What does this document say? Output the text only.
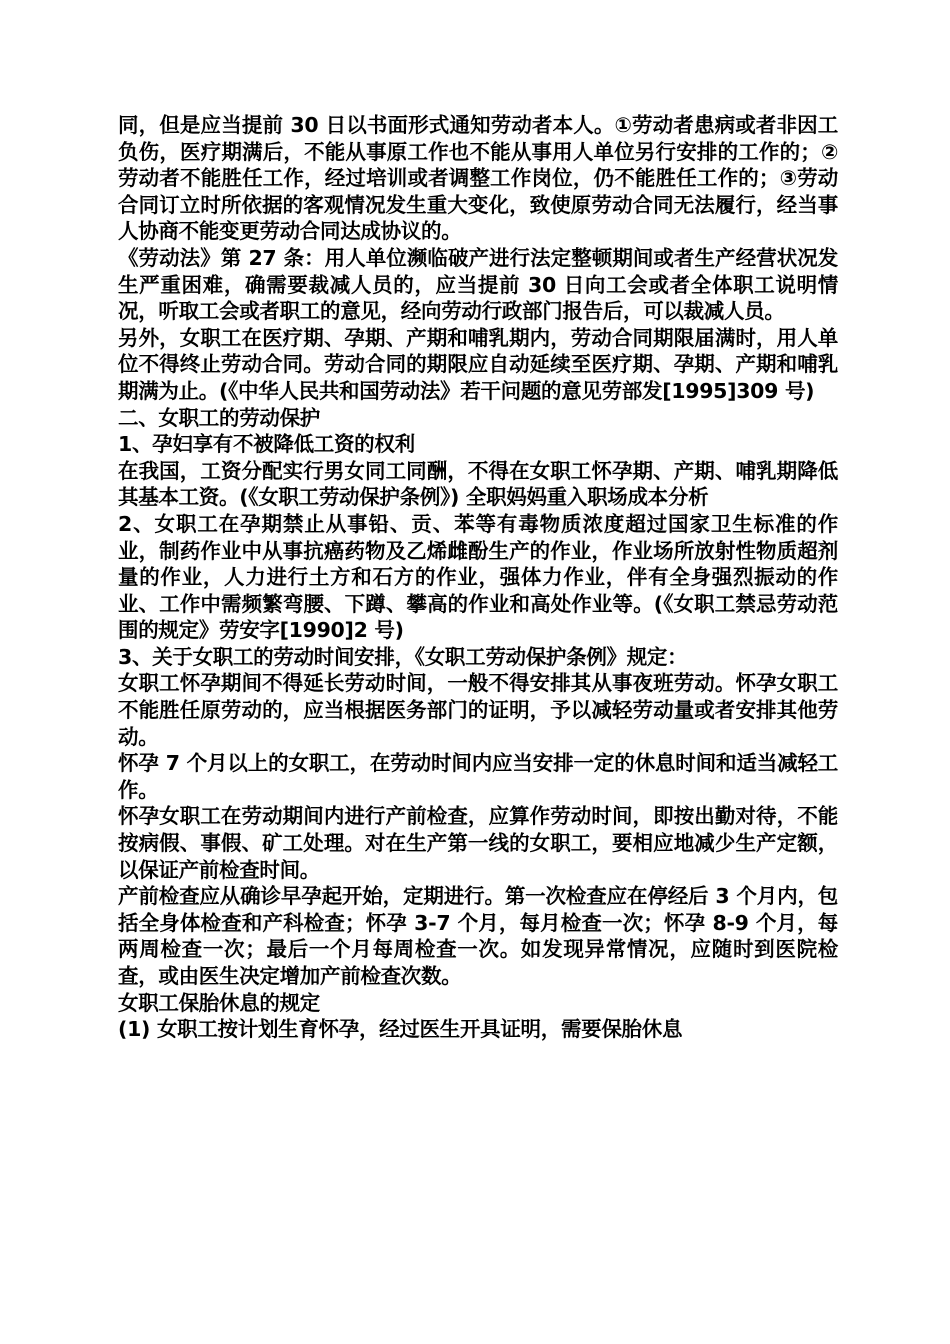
同，但是应当提前 30 日以书面形式通知劳动者本人。①劳动者患病或者非因工负伤，医疗期满后，不能从事原工作也不能从事用人单位另行安排的工作的；②劳动者不能胜任工作，经过培训或者调整工作岗位，仍不能胜任工作的；③劳动合同订立时所依据的客观情况发生重大变化，致使原劳动合同无法履行，经当事人协商不能变更劳动合同达成协议的。

《劳动法》第 27 条：用人单位濒临破产进行法定整顿期间或者生产经营状况发生严重困难，确需要裁减人员的，应当提前 30 日向工会或者全体职工说明情况，听取工会或者职工的意见，经向劳动行政部门报告后，可以裁减人员。

另外，女职工在医疗期、孕期、产期和哺乳期内，劳动合同期限届满时，用人单位不得终止劳动合同。劳动合同的期限应自动延续至医疗期、孕期、产期和哺乳期满为止。(《中华人民共和国劳动法》若干问题的意见劳部发[1995]309 号)

二、女职工的劳动保护

1、孕妇享有不被降低工资的权利

在我国，工资分配实行男女同工同酬，不得在女职工怀孕期、产期、哺乳期降低其基本工资。(《女职工劳动保护条例》) 全职妈妈重入职场成本分析

2、女职工在孕期禁止从事铅、贡、苯等有毒物质浓度超过国家卫生标准的作业，制药作业中从事抗癌药物及乙烯雌酚生产的作业，作业场所放射性物质超剂量的作业，人力进行土方和石方的作业，强体力作业，伴有全身强烈振动的作业、工作中需频繁弯腰、下蹲、攀高的作业和高处作业等。(《女职工禁忌劳动范围的规定》劳安字[1990]2 号)

3、关于女职工的劳动时间安排，《女职工劳动保护条例》规定：

女职工怀孕期间不得延长劳动时间，一般不得安排其从事夜班劳动。怀孕女职工不能胜任原劳动的，应当根据医务部门的证明，予以减轻劳动量或者安排其他劳动。

怀孕 7 个月以上的女职工，在劳动时间内应当安排一定的休息时间和适当减轻工作。

怀孕女职工在劳动期间内进行产前检查，应算作劳动时间，即按出勤对待，不能按病假、事假、矿工处理。对在生产第一线的女职工，要相应地减少生产定额，以保证产前检查时间。

产前检查应从确诊早孕起开始，定期进行。第一次检查应在停经后 3 个月内，包括全身体检查和产科检查；怀孕 3-7 个月，每月检查一次；怀孕 8-9 个月，每两周检查一次；最后一个月每周检查一次。如发现异常情况，应随时到医院检查，或由医生决定增加产前检查次数。

女职工保胎休息的规定

(1) 女职工按计划生育怀孕，经过医生开具证明，需要保胎休息
